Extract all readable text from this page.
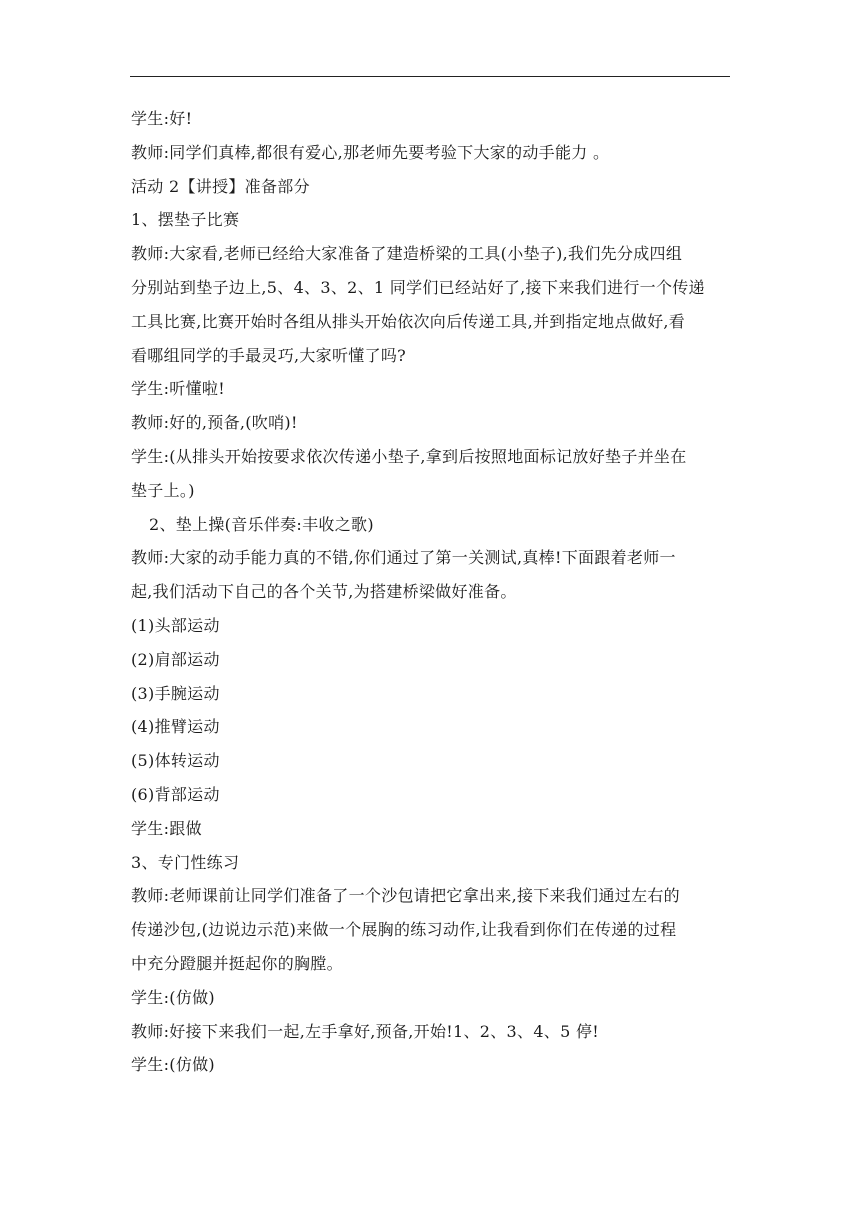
学生:好!

教师:同学们真棒,都很有爱心,那老师先要考验下大家的动手能力 。

活动 2【讲授】准备部分

1、摆垫子比赛

教师:大家看,老师已经给大家准备了建造桥梁的工具(小垫子),我们先分成四组

分别站到垫子边上,5、4、3、2、1 同学们已经站好了,接下来我们进行一个传递

工具比赛,比赛开始时各组从排头开始依次向后传递工具,并到指定地点做好,看

看哪组同学的手最灵巧,大家听懂了吗?

学生:听懂啦!

教师:好的,预备,(吹哨)!

学生:(从排头开始按要求依次传递小垫子,拿到后按照地面标记放好垫子并坐在

垫子上。)

2、垫上操(音乐伴奏:丰收之歌)

教师:大家的动手能力真的不错,你们通过了第一关测试,真棒!下面跟着老师一

起,我们活动下自己的各个关节,为搭建桥梁做好准备。

(1)头部运动

(2)肩部运动

(3)手腕运动

(4)推臂运动

(5)体转运动

(6)背部运动

学生:跟做

3、专门性练习

教师:老师课前让同学们准备了一个沙包请把它拿出来,接下来我们通过左右的

传递沙包,(边说边示范)来做一个展胸的练习动作,让我看到你们在传递的过程

中充分蹬腿并挺起你的胸膛。

学生:(仿做)

教师:好接下来我们一起,左手拿好,预备,开始!1、2、3、4、5 停!

学生:(仿做)
